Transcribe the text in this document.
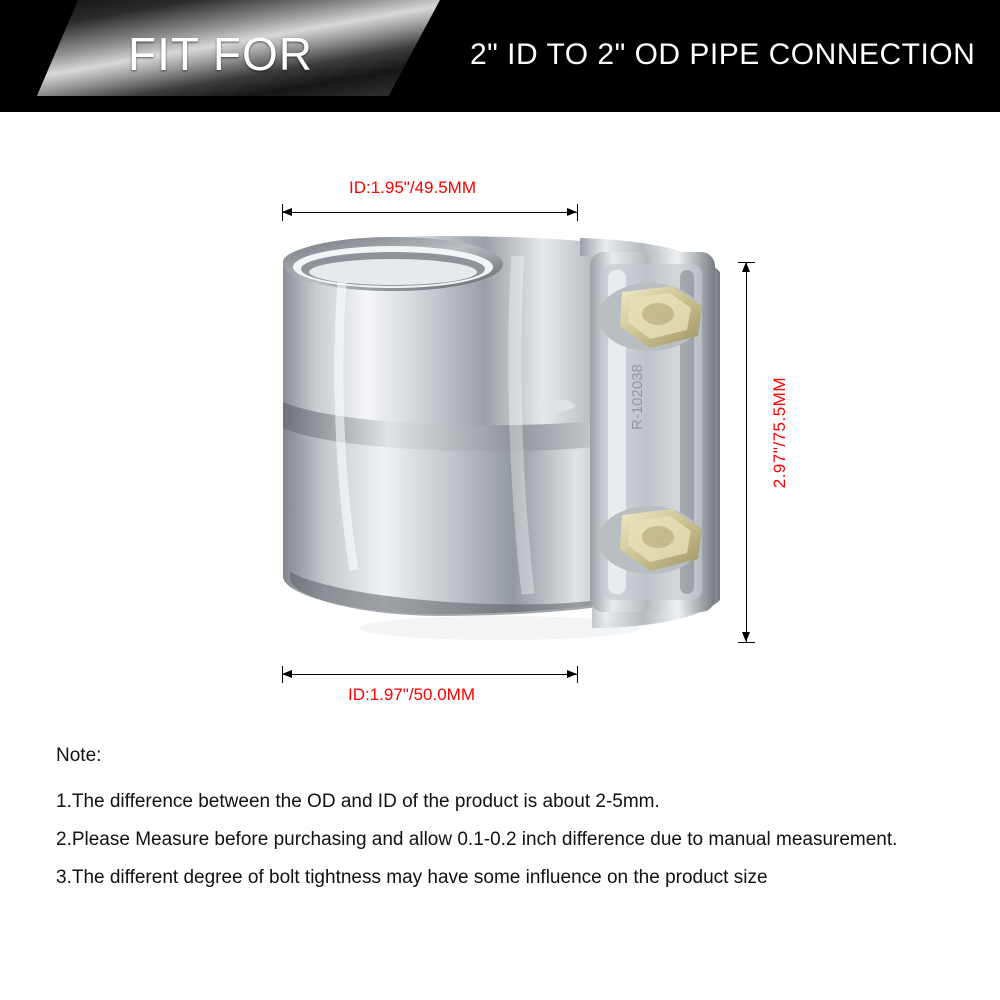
FIT FOR	2" ID TO 2" OD PIPE CONNECTION
ID:1.95"/49.5MM
R-102038	2.97"/75.5MM
ID:1.97"/50.0MM
Note:
1.The difference between the OD and ID of the product is about 2-5mm.
2.Please Measure before purchasing and allow 0.1-0.2 inch difference due to manual measurement.
3.The different degree of bolt tightness may have some influence on the product size
